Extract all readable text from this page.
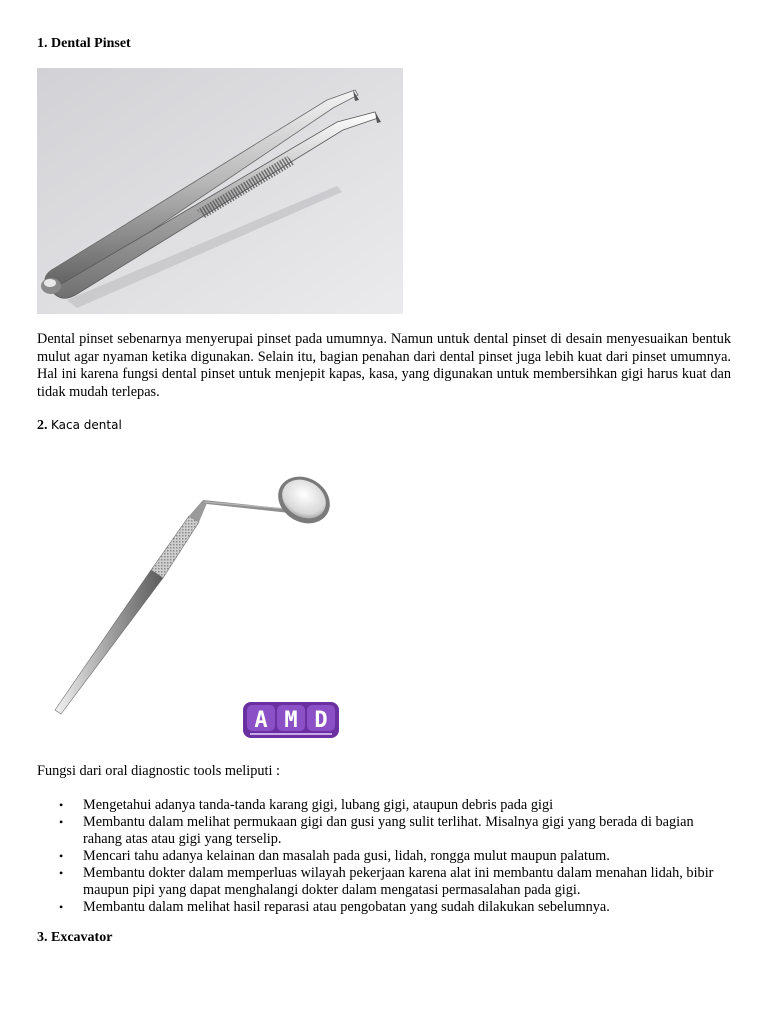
1. Dental Pinset

Dental pinset sebenarnya menyerupai pinset pada umumnya. Namun untuk dental pinset di desain menyesuaikan bentuk mulut agar nyaman ketika digunakan. Selain itu, bagian penahan dari dental pinset juga lebih kuat dari pinset umumnya. Hal ini karena fungsi dental pinset untuk menjepit kapas, kasa, yang digunakan untuk membersihkan gigi harus kuat dan tidak mudah terlepas.

2. Kaca dental
A M D

Fungsi dari oral diagnostic tools meliputi :

• Mengetahui adanya tanda-tanda karang gigi, lubang gigi, ataupun debris pada gigi
• Membantu dalam melihat permukaan gigi dan gusi yang sulit terlihat. Misalnya gigi yang berada di bagian rahang atas atau gigi yang terselip.
• Mencari tahu adanya kelainan dan masalah pada gusi, lidah, rongga mulut maupun palatum.
• Membantu dokter dalam memperluas wilayah pekerjaan karena alat ini membantu dalam menahan lidah, bibir maupun pipi yang dapat menghalangi dokter dalam mengatasi permasalahan pada gigi.
• Membantu dalam melihat hasil reparasi atau pengobatan yang sudah dilakukan sebelumnya.
3. Excavator
